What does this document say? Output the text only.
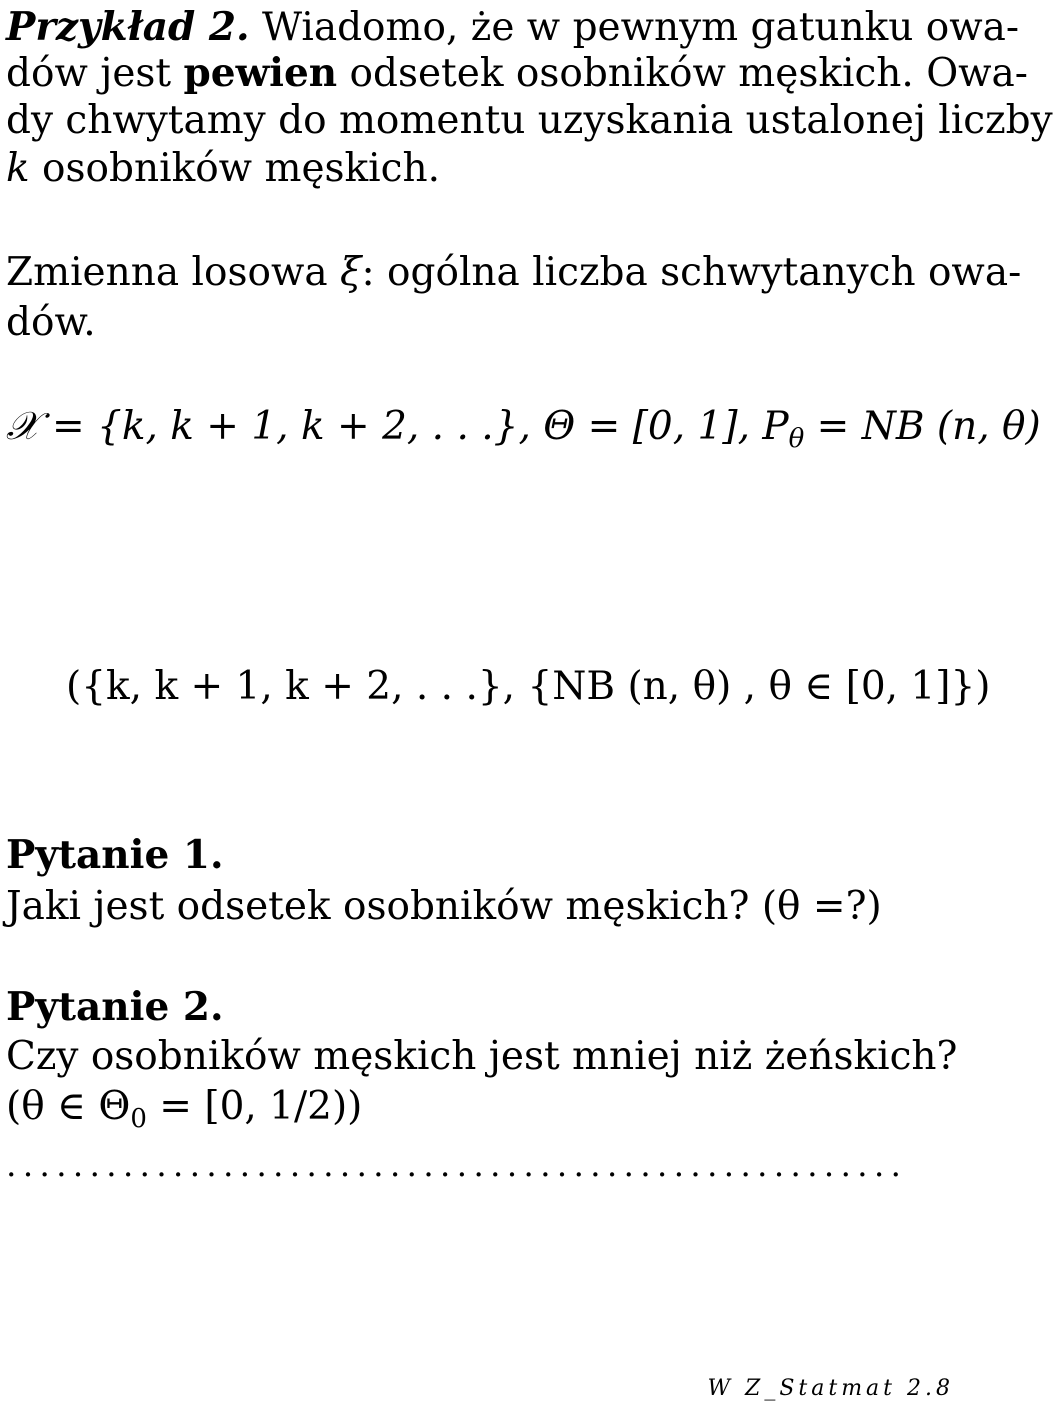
Przykład 2. Wiadomo, że w pewnym gatunku owa-
dów jest pewien odsetek osobników męskich. Owa-
dy chwytamy do momentu uzyskania ustalonej liczby
k osobników męskich.
Zmienna losowa ξ: ogólna liczba schwytanych owa-
dów.
𝒳 = {k, k + 1, k + 2, . . .}, Θ = [0, 1], $P_\theta$ = NB (n, θ)
({k, k + 1, k + 2, . . .}, {NB (n, θ) , θ ∈ [0, 1]})
Pytanie 1.
Jaki jest odsetek osobników męskich? (θ =?)
Pytanie 2.
Czy osobników męskich jest mniej niż żeńskich?
(θ ∈ $\Theta_0 = [0$, 1/2))
......................................................
W Z_Statmat 2.8
